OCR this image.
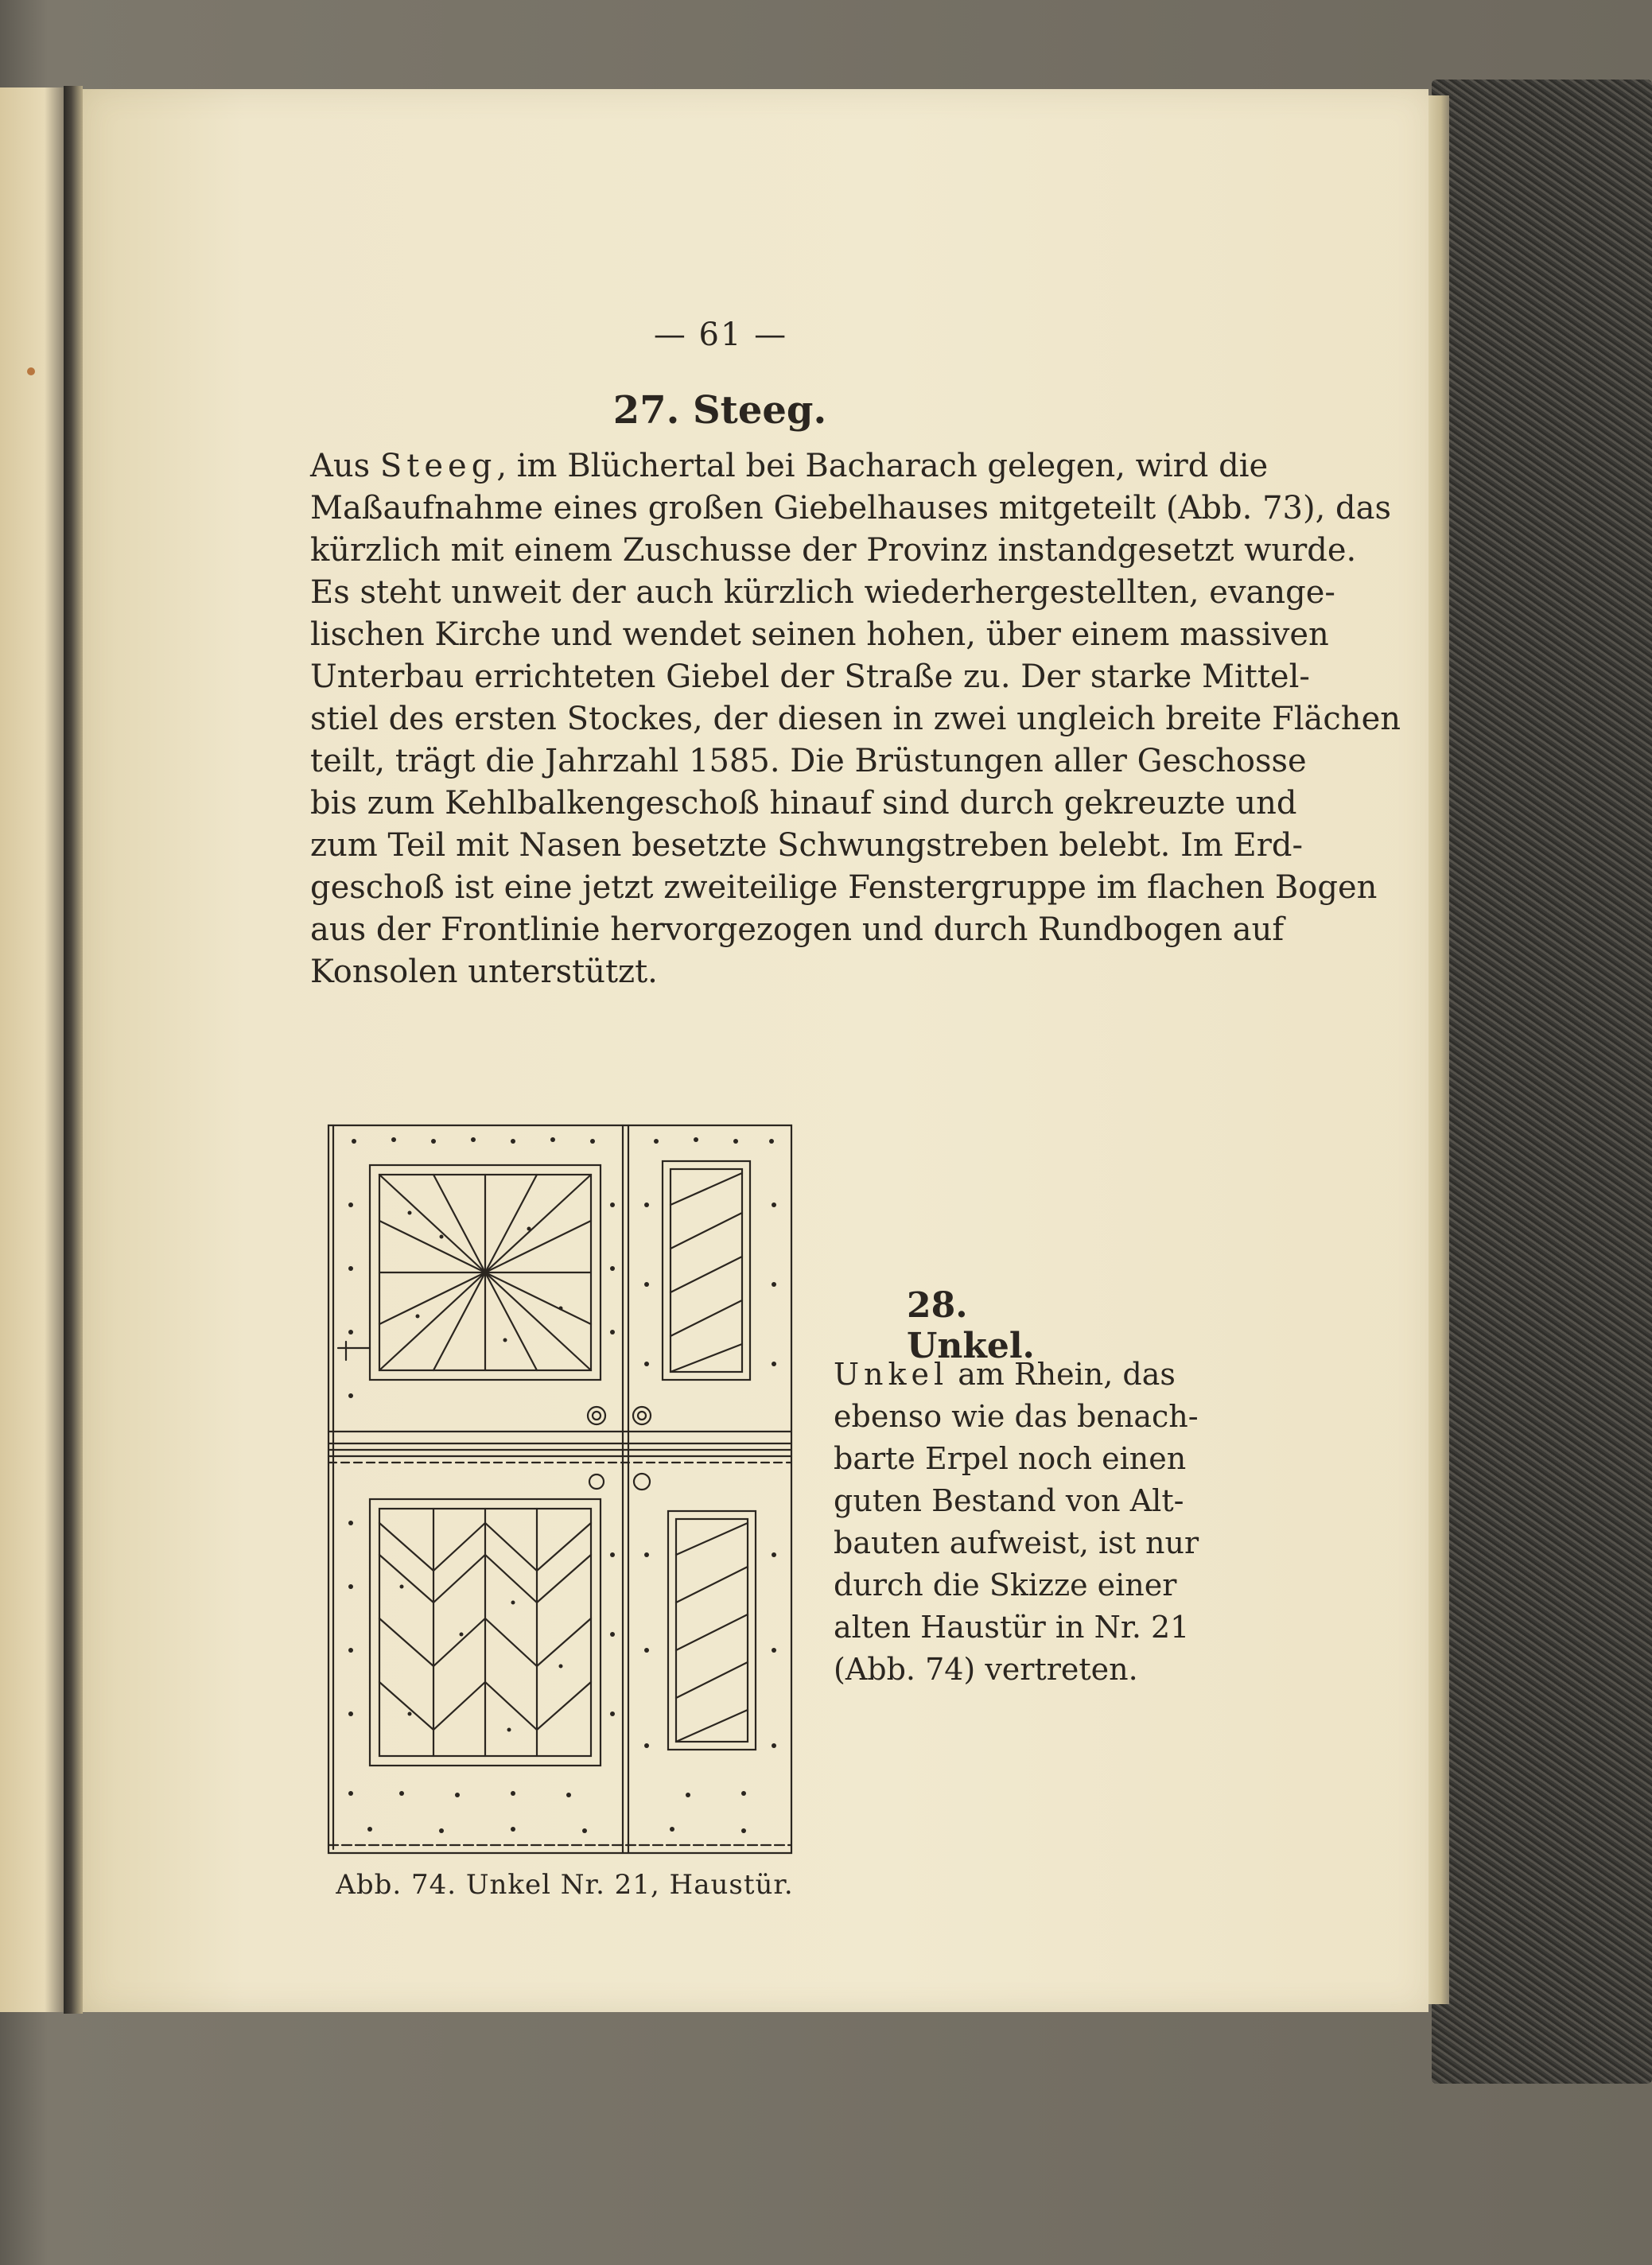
— 61 —
27. Steeg.
Aus Steeg, im Blüchertal bei Bacharach gelegen, wird die
Maßaufnahme eines großen Giebelhauses mitgeteilt (Abb. 73), das
kürzlich mit einem Zuschusse der Provinz instandgesetzt wurde.
Es steht unweit der auch kürzlich wiederhergestellten, evange-
lischen Kirche und wendet seinen hohen, über einem massiven
Unterbau errichteten Giebel der Straße zu. Der starke Mittel-
stiel des ersten Stockes, der diesen in zwei ungleich breite Flächen
teilt, trägt die Jahrzahl 1585. Die Brüstungen aller Geschosse
bis zum Kehlbalkengeschoß hinauf sind durch gekreuzte und
zum Teil mit Nasen besetzte Schwungstreben belebt. Im Erd-
geschoß ist eine jetzt zweiteilige Fenstergruppe im flachen Bogen
aus der Frontlinie hervorgezogen und durch Rundbogen auf
Konsolen unterstützt.
Abb. 74. Unkel Nr. 21, Haustür.
28. Unkel.
Unkel am Rhein, das
ebenso wie das benach-
barte Erpel noch einen
guten Bestand von Alt-
bauten aufweist, ist nur
durch die Skizze einer
alten Haustür in Nr. 21
(Abb. 74) vertreten.
